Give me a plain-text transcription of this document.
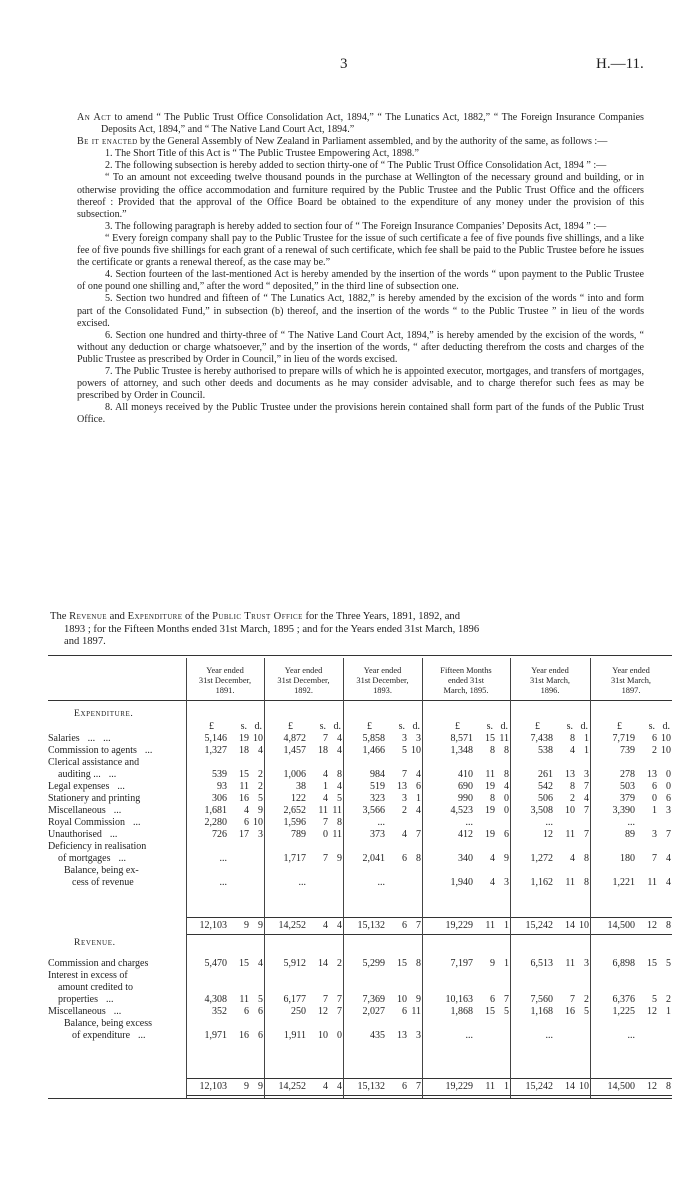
3	H.—11.

An Act to amend “ The Public Trust Office Consolidation Act, 1894,” “ The Lunatics Act, 1882,” “ The Foreign Insurance Companies Deposits Act, 1894,” and “ The Native Land Court Act, 1894.”

Be it enacted by the General Assembly of New Zealand in Parliament assembled, and by the authority of the same, as follows :—

1. The Short Title of this Act is “ The Public Trustee Empowering Act, 1898.”

2. The following subsection is hereby added to section thirty-one of “ The Public Trust Office Consolidation Act, 1894 ” :—

“ To an amount not exceeding twelve thousand pounds in the purchase at Wellington of the necessary ground and building, or in otherwise providing the office accommodation and furniture required by the Public Trustee and the Public Trust Office and the officers thereof : Provided that the approval of the Office Board be obtained to the expenditure of any money under the provision of this subsection.”

3. The following paragraph is hereby added to section four of “ The Foreign Insurance Companies’ Deposits Act, 1894 ” :—

“ Every foreign company shall pay to the Public Trustee for the issue of such certificate a fee of five pounds five shillings, and a like fee of five pounds five shillings for each grant of a renewal of such certificate, which fee shall be paid to the Public Trustee before he issues the certificate or grants a renewal thereof, as the case may be.”

4. Section fourteen of the last-mentioned Act is hereby amended by the insertion of the words “ upon payment to the Public Trustee of one pound one shilling and,” after the word “ deposited,” in the third line of subsection one.

5. Section two hundred and fifteen of “ The Lunatics Act, 1882,” is hereby amended by the excision of the words “ into and form part of the Consolidated Fund,” in subsection (b) thereof, and the insertion of the words “ to the Public Trustee ” in lieu of the words excised.

6. Section one hundred and thirty-three of “ The Native Land Court Act, 1894,” is hereby amended by the excision of the words, “ without any deduction or charge whatsoever,” and by the insertion of the words, “ after deducting therefrom the costs and charges of the Public Trustee as prescribed by Order in Council,” in lieu of the words excised.

7. The Public Trustee is hereby authorised to prepare wills of which he is appointed executor, mortgages, and transfers of mortgages, powers of attorney, and such other deeds and documents as he may consider advisable, and to charge therefor such fees as may be prescribed by Order in Council.

8. All moneys received by the Public Trustee under the provisions herein contained shall form part of the funds of the Public Trust Office.

The Revenue and Expenditure of the Public Trust Office for the Three Years, 1891, 1892, and

1893 ; for the Fifteen Months ended 31st March, 1895 ; and for the Years ended 31st March, 1896

and 1897.

Year ended
31st December,
1891.
Year ended
31st December,
1892.
Year ended
31st December,
1893.
Fifteen Months
ended 31st
March, 1895.
Year ended
31st March,
1896.
Year ended
31st March,
1897.
Expenditure.
Revenue.
£	s. d.	£	s. d.	£	s. d.	£	s. d.	£	s. d.	£	s. d.
Salaries ... ...	5,146 19 10 4,872 7 4 5,858 3 3	8,571 15 11 7,438 8 1 7,719 6 10
Commission to agents ...	1,327 18 4 1,457 18 4 1,466 5 10	1,348 8 8	538 4 1	739 2 10
Clerical assistance and
auditing ... ...	539 15 2 1,006 4 8	984 7 4	410 11 8	261 13 3	278 13 0
Legal expenses ...	93 11 2	38 1 4	519 13 6	690 19 4	542 8 7	503 6 0
Stationery and printing	306 16 5	122 4 5	323 3 1	990 8 0	506 2 4	379 0 6
Miscellaneous ...	1,681 4 9 2,652 11 11 3,566 2 4	4,523 19 0 3,508 10 7 3,390 1 3
Royal Commission ...	2,280 6 10 1,596 7 8	...	...	...	...
Unauthorised ...	726 17 3	789 0 11	373 4 7	412 19 6	12 11 7	89 3 7
Deficiency in realisation
of mortgages ...	...	1,717 7 9 2,041 6 8	340 4 9 1,272 4 8	180 7 4
Balance, being ex-
cess of revenue	...	...	...	1,940 4 3 1,162 11 8 1,221 11 4
12,103 9 9 14,252 4 4 15,132 6 7 19,229 11 1 15,242 14 10 14,500 12 8
Commission and charges	5,470 15 4 5,912 14 2 5,299 15 8	7,197 9 1 6,513 11 3 6,898 15 5
Interest in excess of
amount credited to
properties ...	4,308 11 5 6,177 7 7 7,369 10 9 10,163 6 7 7,560 7 2 6,376 5 2
Miscellaneous ...	352 6 6	250 12 7 2,027 6 11	1,868 15 5 1,168 16 5 1,225 12 1
Balance, being excess
of expenditure ...	1,971 16 6 1,911 10 0	435 13 3	...	...	...
12,103 9 9 14,252 4 4 15,132 6 7 19,229 11 1 15,242 14 10 14,500 12 8
